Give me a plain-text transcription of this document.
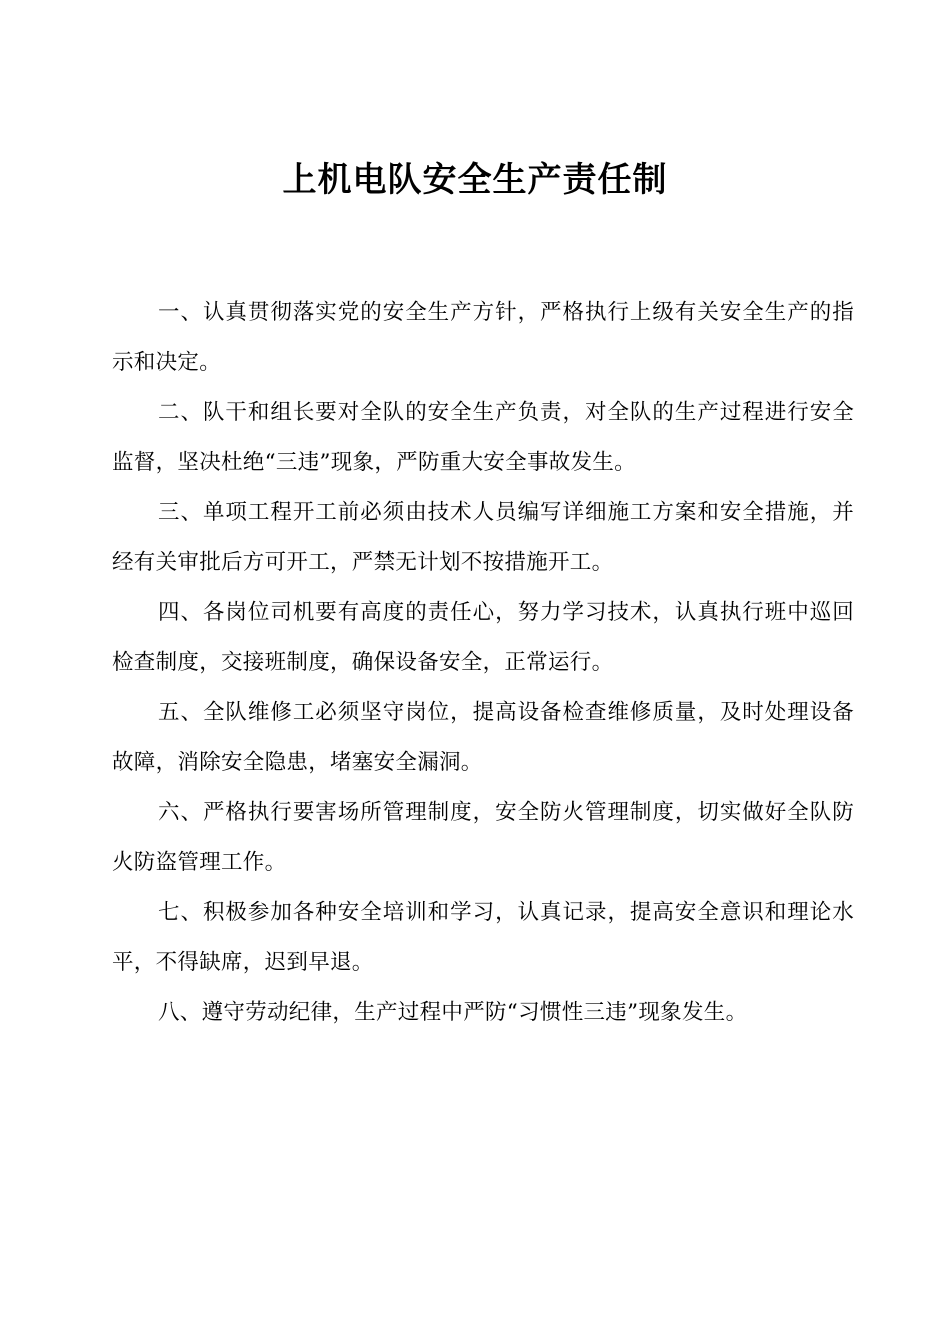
上机电队安全生产责任制

一、认真贯彻落实党的安全生产方针，严格执行上级有关安全生产的指示和决定。

二、队干和组长要对全队的安全生产负责，对全队的生产过程进行安全监督，坚决杜绝“三违”现象，严防重大安全事故发生。

三、单项工程开工前必须由技术人员编写详细施工方案和安全措施，并经有关审批后方可开工，严禁无计划不按措施开工。

四、各岗位司机要有高度的责任心，努力学习技术，认真执行班中巡回检查制度，交接班制度，确保设备安全，正常运行。

五、全队维修工必须坚守岗位，提高设备检查维修质量，及时处理设备故障，消除安全隐患，堵塞安全漏洞。

六、严格执行要害场所管理制度，安全防火管理制度，切实做好全队防火防盗管理工作。

七、积极参加各种安全培训和学习，认真记录，提高安全意识和理论水平，不得缺席，迟到早退。

八、遵守劳动纪律，生产过程中严防“习惯性三违”现象发生。
